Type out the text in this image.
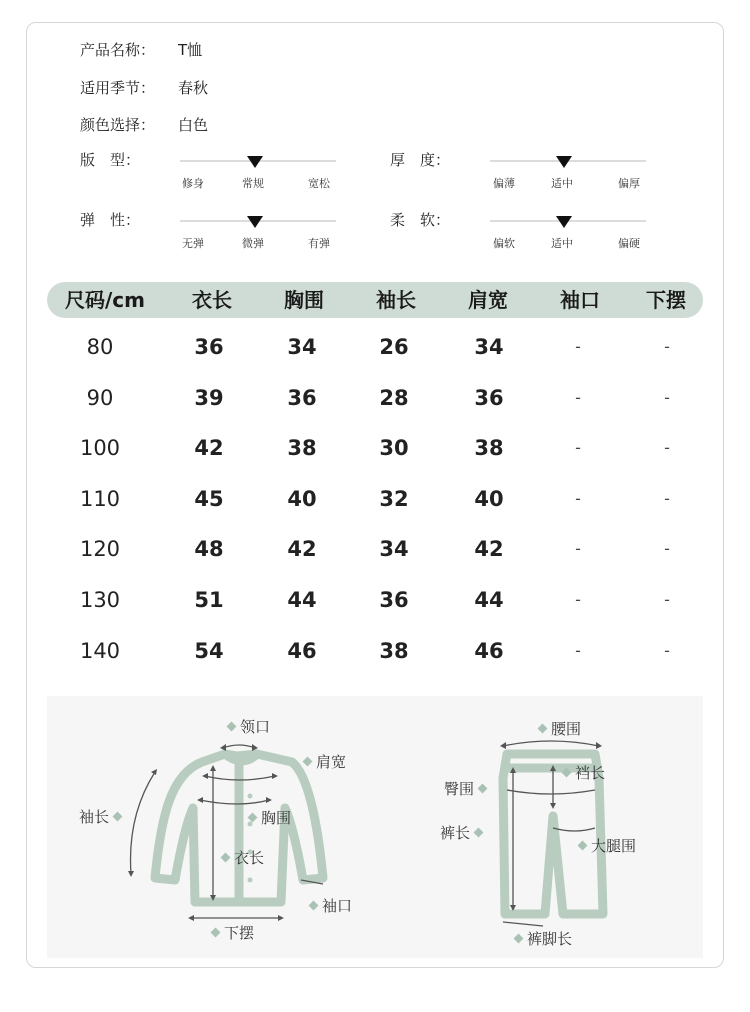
产品名称： T恤
适用季节： 春秋
颜色选择： 白色
版　型：
修身	常规	宽松
厚　度：
偏薄	适中	偏厚
弹　性：
无弹	微弹	有弹
柔　软：
偏软	适中	偏硬
尺码/cm	衣长	胸围	袖长	肩宽	袖口	下摆
80	36	34	26	34	-	-
90	39	36	28	36	-	-
100	42	38	30	38	-	-
110	45	40	32	40	-	-
120	48	42	34	42	-	-
130	51	44	36	44	-	-
140	54	46	38	46	-	-
领口
肩宽
袖长	胸围
衣长
袖口
下摆
腰围
裆长
臀围
裤长
大腿围
裤脚长
